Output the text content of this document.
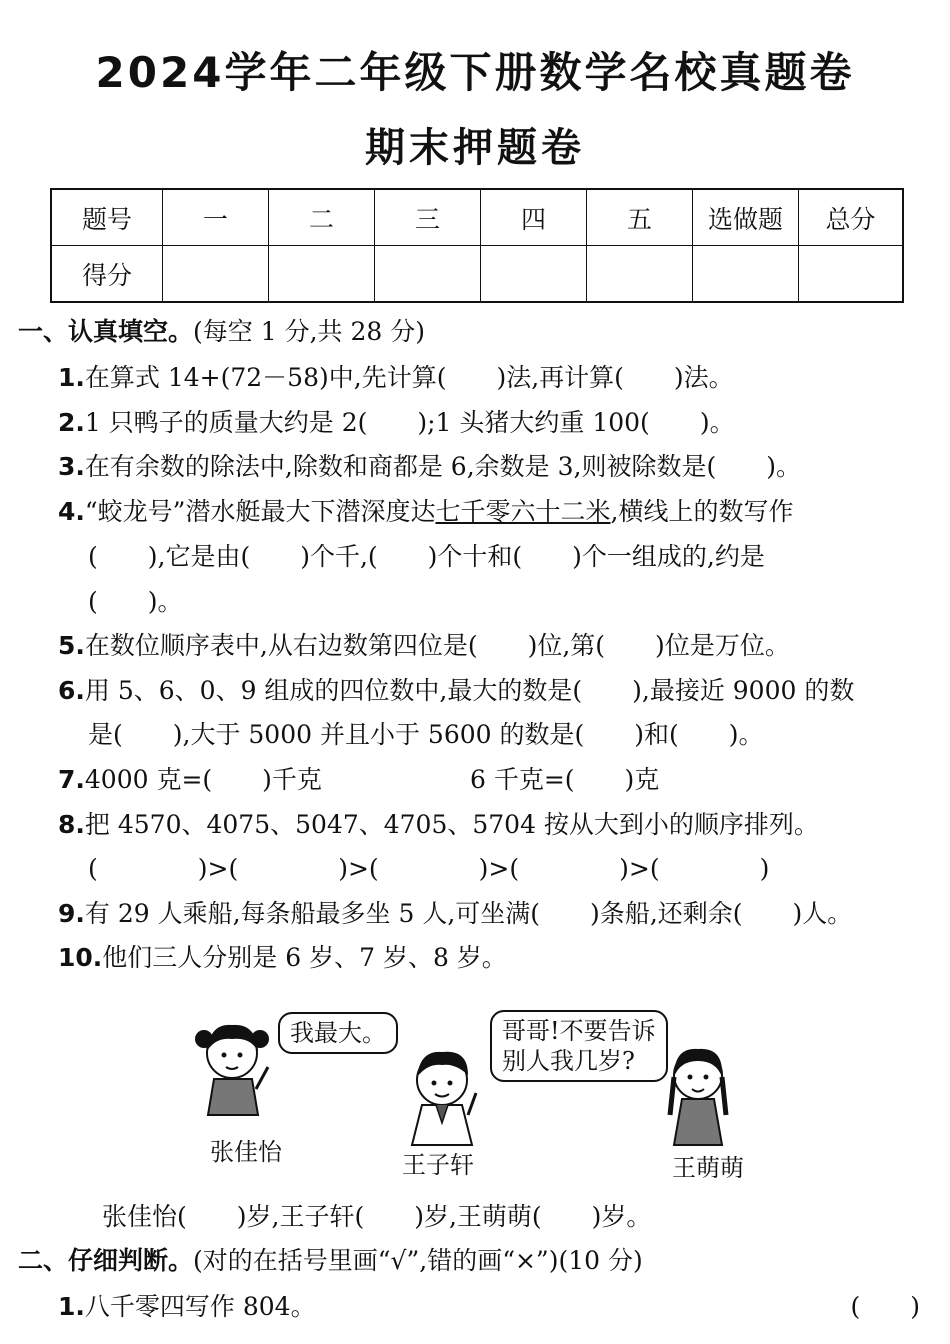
2024学年二年级下册数学名校真题卷
期末押题卷
题号	一	二	三	四	五	选做题	总分
得分							
一、认真填空。(每空 1 分,共 28 分)
1.在算式 14+(72－58)中,先计算(　　)法,再计算(　　)法。
2.1 只鸭子的质量大约是 2(　　);1 头猪大约重 100(　　)。
3.在有余数的除法中,除数和商都是 6,余数是 3,则被除数是(　　)。
4.“蛟龙号”潜水艇最大下潜深度达七千零六十二米,横线上的数写作
(　　),它是由(　　)个千,(　　)个十和(　　)个一组成的,约是
(　　)。
5.在数位顺序表中,从右边数第四位是(　　)位,第(　　)位是万位。
6.用 5、6、0、9 组成的四位数中,最大的数是(　　),最接近 9000 的数
是(　　),大于 5000 并且小于 5600 的数是(　　)和(　　)。
7.4000 克=(　　)千克	6 千克=(　　)克
8.把 4570、4075、5047、4705、5704 按从大到小的顺序排列。
(　　　　)>(　　　　)>(　　　　)>(　　　　)>(　　　　)
9.有 29 人乘船,每条船最多坐 5 人,可坐满(　　)条船,还剩余(　　)人。
10.他们三人分别是 6 岁、7 岁、8 岁。
我最大。	哥哥!不要告诉
别人我几岁?
张佳怡	王子轩	王萌萌
张佳怡(　　)岁,王子轩(　　)岁,王萌萌(　　)岁。
二、仔细判断。(对的在括号里画“√”,错的画“×”)(10 分)
1.八千零四写作 804。	(　　)
